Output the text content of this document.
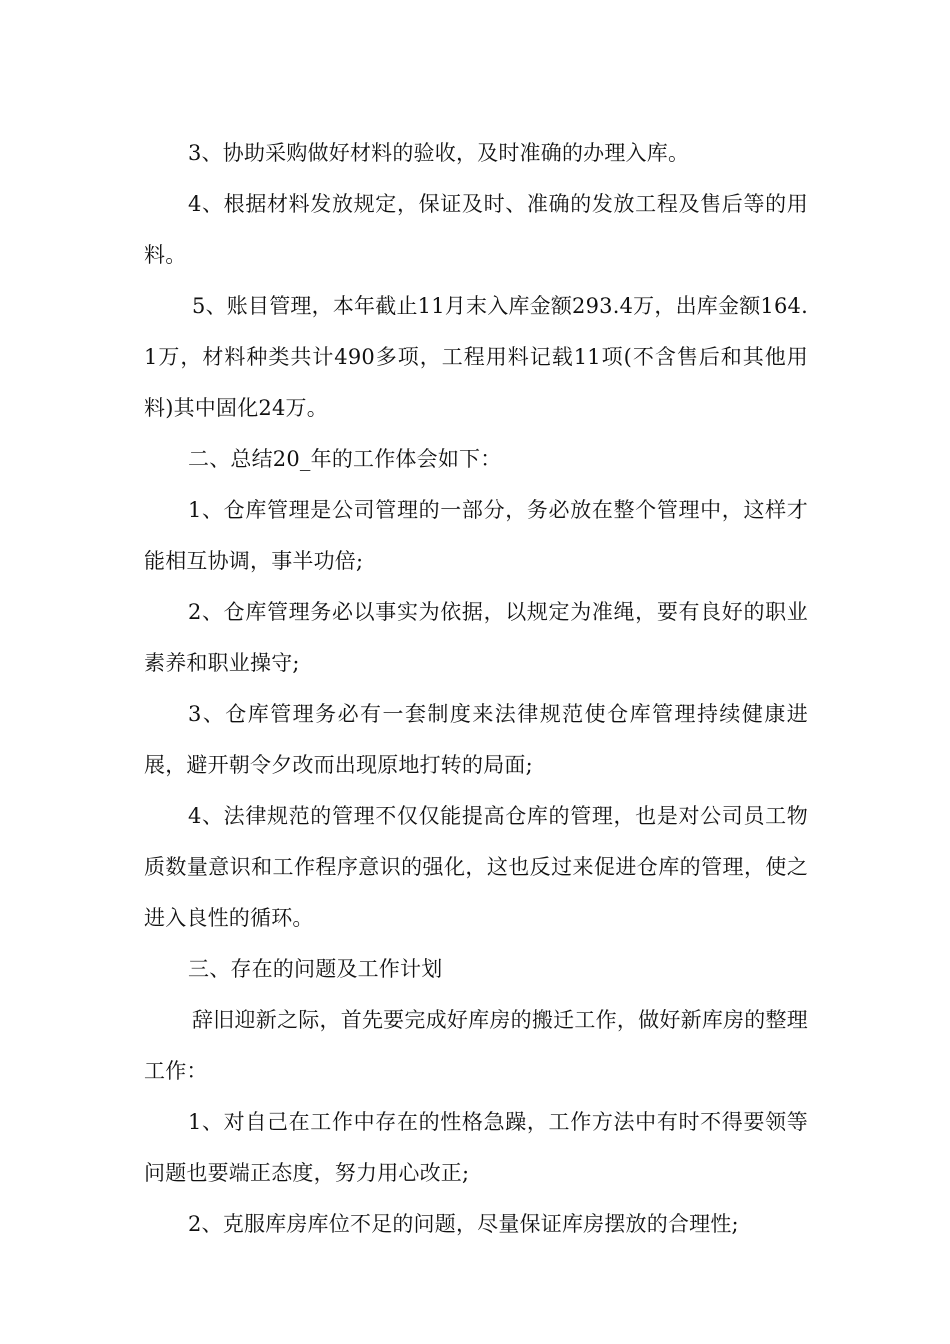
3、协助采购做好材料的验收，及时准确的办理入库。

4、根据材料发放规定，保证及时、准确的发放工程及售后等的用料。

5、账目管理，本年截止11月末入库金额293.4万，出库金额164.1万，材料种类共计490多项，工程用料记载11项(不含售后和其他用料)其中固化24万。

二、总结20_年的工作体会如下：

1、仓库管理是公司管理的一部分，务必放在整个管理中，这样才能相互协调，事半功倍;

2、仓库管理务必以事实为依据，以规定为准绳，要有良好的职业素养和职业操守;

3、仓库管理务必有一套制度来法律规范使仓库管理持续健康进展，避开朝令夕改而出现原地打转的局面;

4、法律规范的管理不仅仅能提高仓库的管理，也是对公司员工物质数量意识和工作程序意识的强化，这也反过来促进仓库的管理，使之进入良性的循环。

三、存在的问题及工作计划

辞旧迎新之际，首先要完成好库房的搬迁工作，做好新库房的整理工作：

1、对自己在工作中存在的性格急躁，工作方法中有时不得要领等问题也要端正态度，努力用心改正;

2、克服库房库位不足的问题，尽量保证库房摆放的合理性;
